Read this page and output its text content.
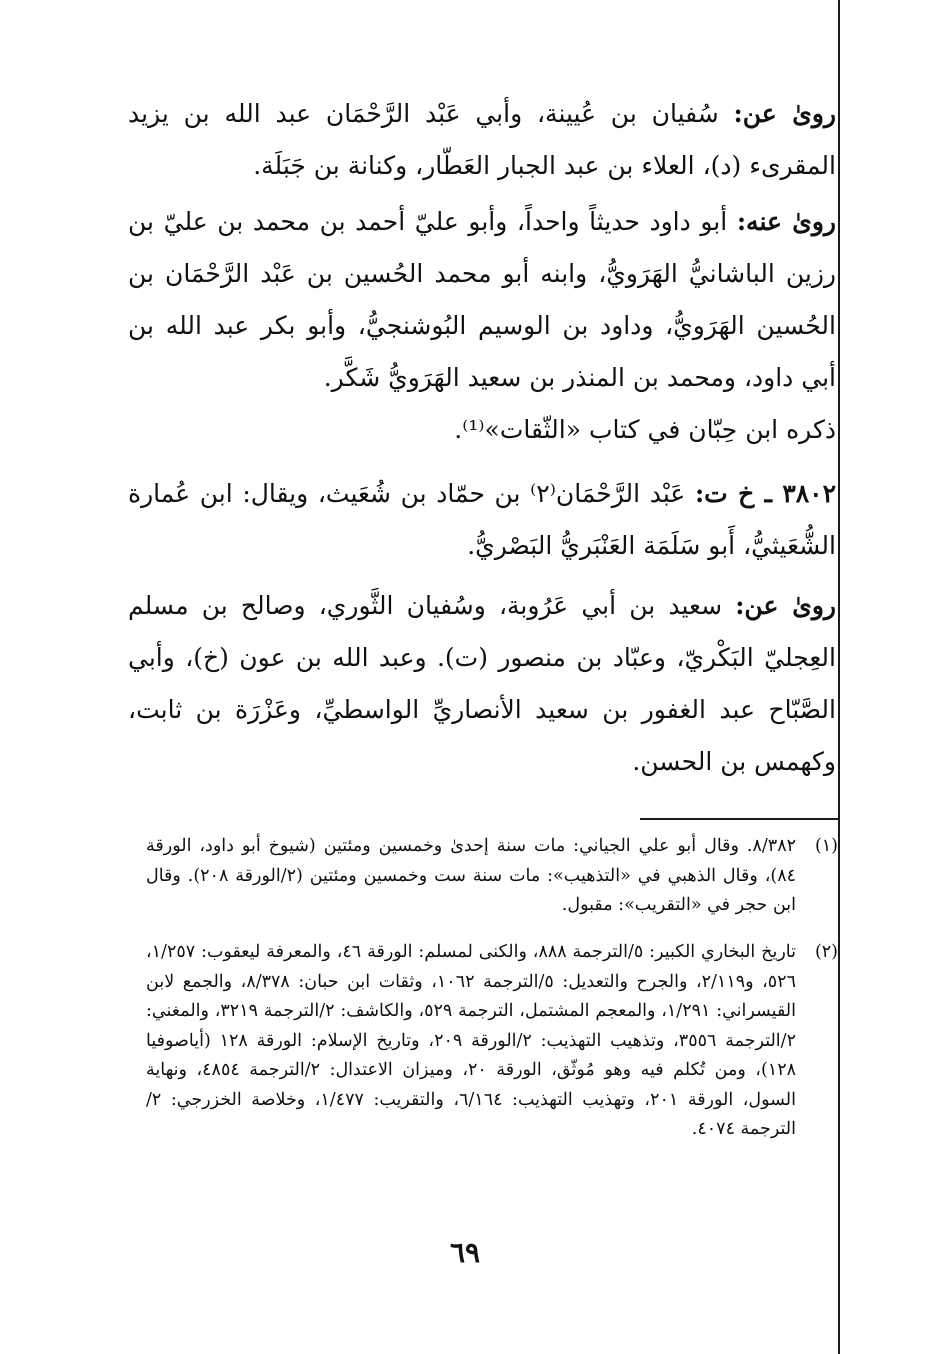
روىٰ عن: سُفيان بن عُيينة، وأبي عَبْد الرَّحْمَان عبد الله بن يزيد المقرىء (د)، العلاء بن عبد الجبار العَطّار، وكنانة بن جَبَلَة.

روىٰ عنه: أبو داود حديثاً واحداً، وأبو عليّ أحمد بن محمد بن عليّ بن رزين الباشانيُّ الهَرَويُّ، وابنه أبو محمد الحُسين بن عَبْد الرَّحْمَان بن الحُسين الهَرَويُّ، وداود بن الوسيم البُوشنجيُّ، وأبو بكر عبد الله بن أبي داود، ومحمد بن المنذر بن سعيد الهَرَويُّ شَكَّر.

ذكره ابن حِبّان في كتاب «الثّقات»⁽¹⁾.

٣٨٠٢ ـ خ ت: عَبْد الرَّحْمَان⁽٢⁾ بن حمّاد بن شُعَيث، ويقال: ابن عُمارة الشُّعَيثيُّ، أَبو سَلَمَة العَنْبَريُّ البَصْريُّ.

روىٰ عن: سعيد بن أبي عَرُوبة، وسُفيان الثَّوري، وصالح بن مسلم العِجليّ البَكْريّ، وعبّاد بن منصور (ت). وعبد الله بن عون (خ)، وأبي الصَّبّاح عبد الغفور بن سعيد الأنصاريِّ الواسطيِّ، وعَزْرَة بن ثابت، وكهمس بن الحسن.

(١)
٨/٣٨٢. وقال أبو علي الجياني: مات سنة إحدىٰ وخمسين ومئتين (شيوخ أبو داود، الورقة ٨٤)، وقال الذهبي في «التذهيب»: مات سنة ست وخمسين ومئتين (٢/الورقة ٢٠٨). وقال ابن حجر في «التقريب»: مقبول.
(٢)
تاريخ البخاري الكبير: ٥/الترجمة ٨٨٨، والكنى لمسلم: الورقة ٤٦، والمعرفة ليعقوب: ١/٢٥٧، ٥٢٦، و٢/١١٩، والجرح والتعديل: ٥/الترجمة ١٠٦٢، وثقات ابن حبان: ٨/٣٧٨، والجمع لابن القيسراني: ١/٢٩١، والمعجم المشتمل، الترجمة ٥٢٩، والكاشف: ٢/الترجمة ٣٢١٩، والمغني: ٢/الترجمة ٣٥٥٦، وتذهيب التهذيب: ٢/الورقة ٢٠٩، وتاريخ الإسلام: الورقة ١٢٨ (أياصوفيا ١٢٨)، ومن تُكلم فيه وهو مُوثّق، الورقة ٢٠، وميزان الاعتدال: ٢/الترجمة ٤٨٥٤، ونهاية السول، الورقة ٢٠١، وتهذيب التهذيب: ٦/١٦٤، والتقريب: ١/٤٧٧، وخلاصة الخزرجي: ٢/الترجمة ٤٠٧٤.
٦٩
